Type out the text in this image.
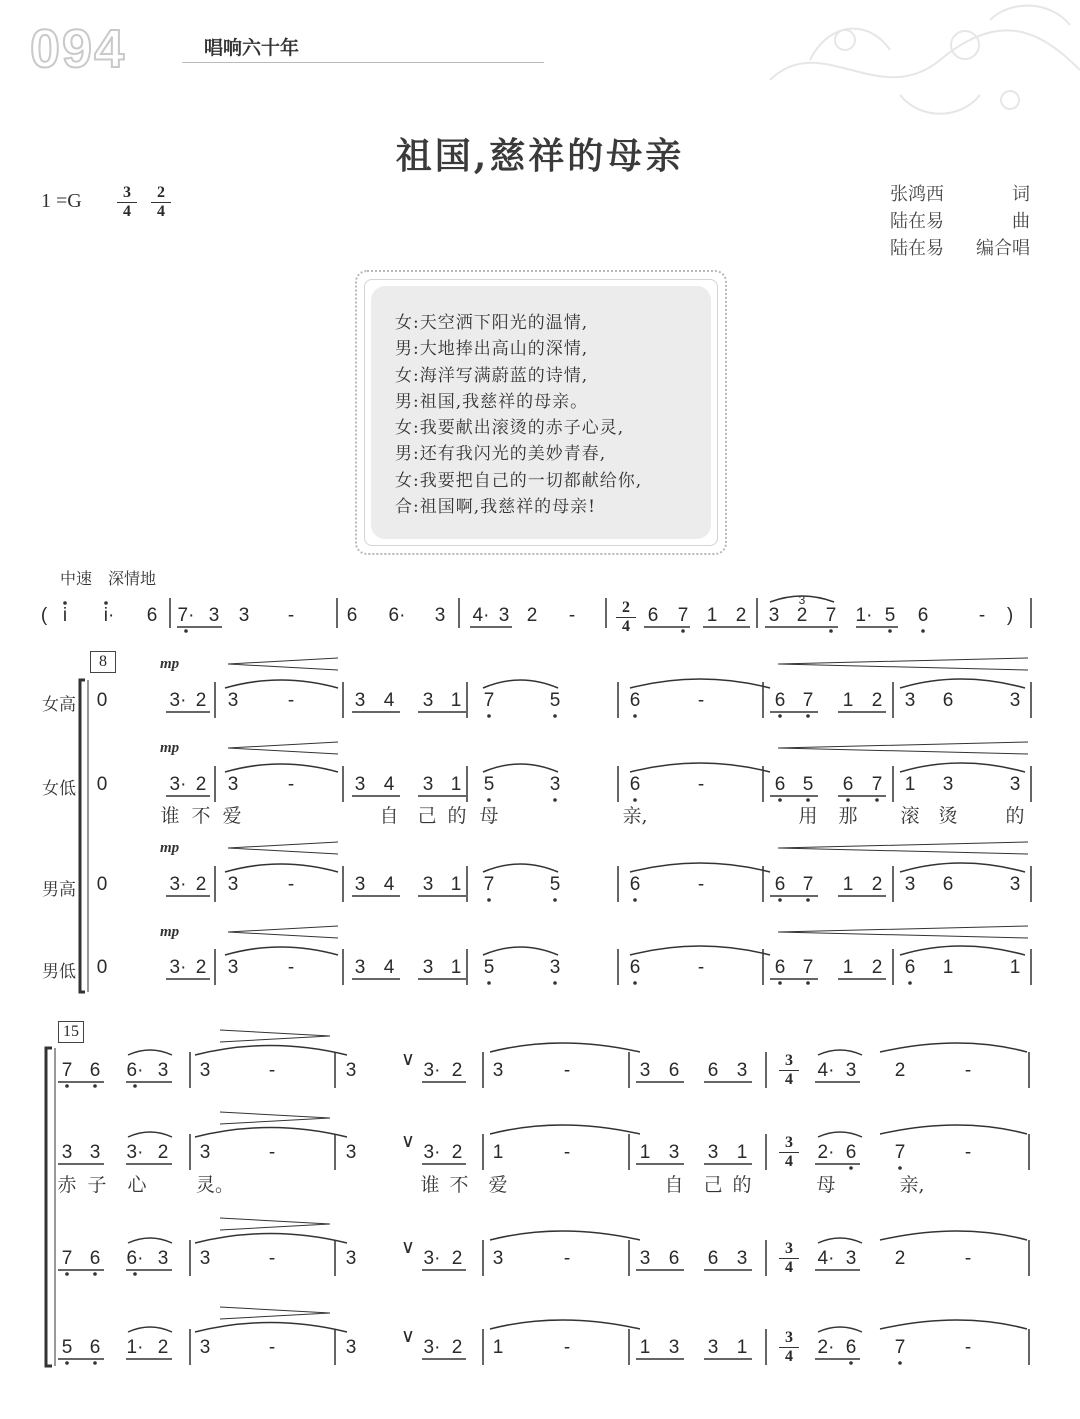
094	唱响六十年
祖国,慈祥的母亲
$1 =G \frac{3}{4} \frac{2}{4}$	张鸿西	词
陆在易	曲
陆在易 编合唱
女:天空洒下阳光的温情,
男:大地捧出高山的深情,
女:海洋写满蔚蓝的诗情,
男:祖国,我慈祥的母亲。
女:我要献出滚烫的赤子心灵,
男:还有我闪光的美妙青春,
女:我要把自己的一切都献给你,
合:祖国啊,我慈祥的母亲!
中速　深情地
( i i· 6 7· 3 3 -	6 6· 3 4· 3 2 -	2
4
6 7 1 2 3 2 7 1· 5 6	- )
3
8
女高
女低
男高
男低
mp
mp
mp
mp
0	3· 2 3	-	3 4 3 1 7	5	6	-	6 7 1 2 3 6	3
0	3· 2 3	-	3 4 3 1 5	3	6	-	6 5 6 7 1 3	3
谁 不 爱	自 己 的 母	亲,	用 那 滚 烫	的
0	3· 2 3	-	3 4 3 1 7	5	6	-	6 7 1 2 3 6	3
0	3· 2 3	-	3 4 3 1 5	3	6	-	6 7 1 2 6 1	1
15
7 6 6· 3 3	-	3
∨
3· 2 3	-	3 6 6 3	3
4	4· 3 2	-
3 3 3· 2 3	-	3
∨
3· 2 1	-	1 3 3 1	3
4	2· 6 7	-
赤 子 心	灵。	谁 不 爱	自 己 的	母	亲,
7 6 6· 3 3	-	3
∨
3· 2 3	-	3 6 6 3	3
4	4· 3 2	-
5 6 1· 2 3	-	3
∨
3· 2 1	-	1 3 3 1	3
4	2· 6 7	-
